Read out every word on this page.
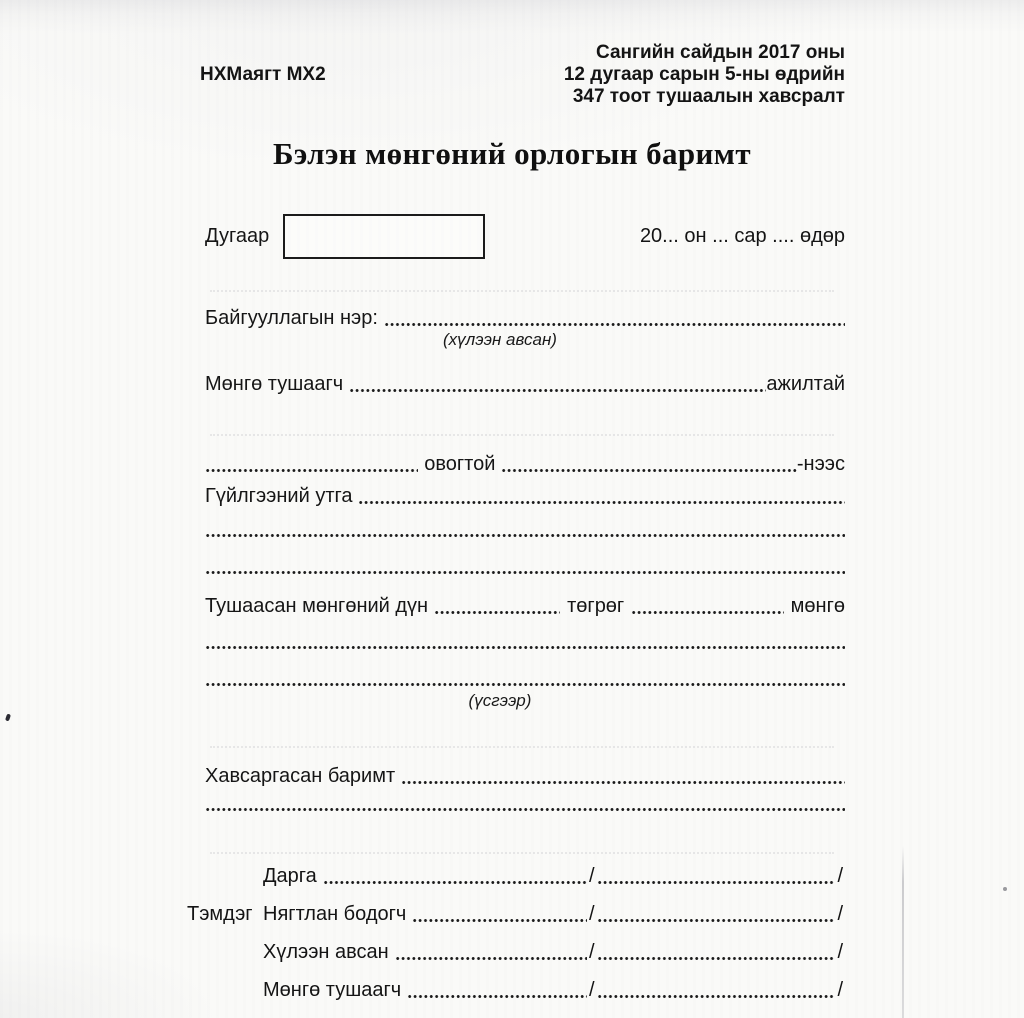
НХМаягт МХ2
Сангийн сайдын 2017 оны
12 дугаар сарын 5-ны өдрийн
347 тоот тушаалын хавсралт
Бэлэн мөнгөний орлогын баримт
Дугаар	20... он ... сар .... өдөр
Байгууллагын нэр:
(хүлээн авсан)
Мөнгө тушаагч	ажилтай
овогтой	-нээс
Гүйлгээний утга
Тушаасан мөнгөний дүн	төгрөг	мөнгө
(үсгээр)
Хавсаргасан баримт
Тэмдэг
Дарга	/	/
Нягтлан бодогч	/	/
Хүлээн авсан	/	/
Мөнгө тушаагч	/	/
